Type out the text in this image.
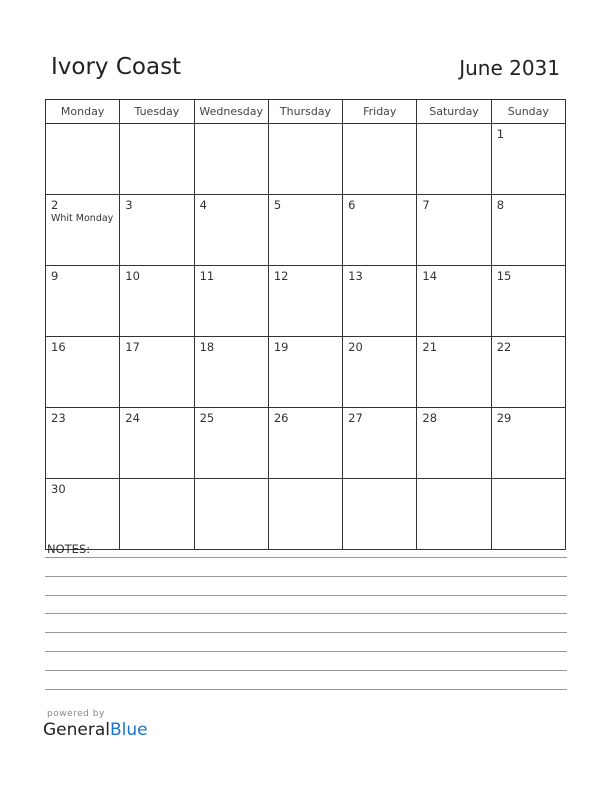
Ivory Coast	June 2031
Monday	Tuesday	Wednesday	Thursday	Friday	Saturday	Sunday

						1

2
Whit Monday	3	4	5	6	7	8

9	10	11	12	13	14	15

16	17	18	19	20	21	22

23	24	25	26	27	28	29

30						

NOTES:
powered by
GeneralBlue
